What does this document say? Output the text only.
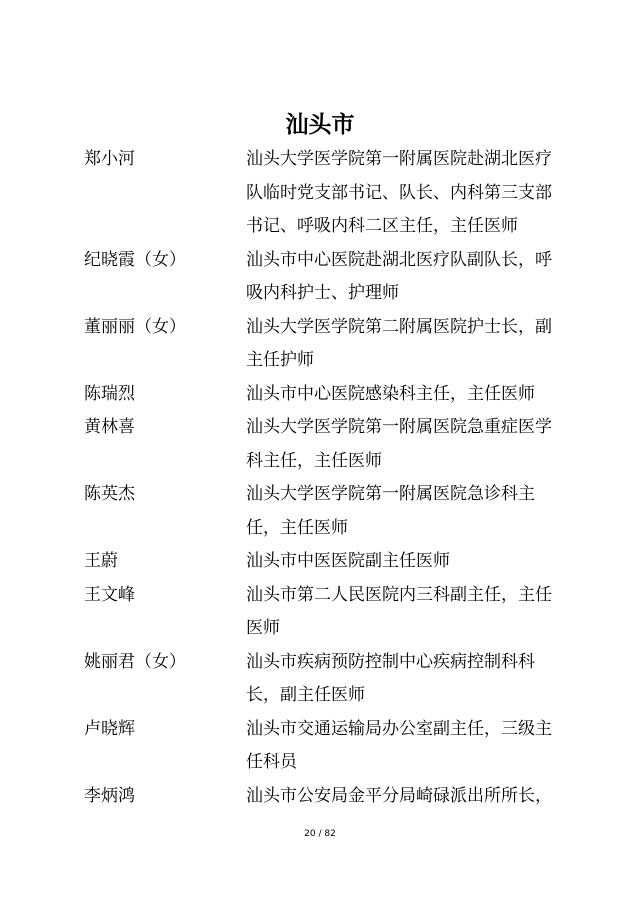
汕头市
郑小河	汕头大学医学院第一附属医院赴湖北医疗队临时党支部书记、队长、内科第三支部书记、呼吸内科二区主任，主任医师
纪晓霞（女）	汕头市中心医院赴湖北医疗队副队长，呼吸内科护士、护理师
董丽丽（女）	汕头大学医学院第二附属医院护士长，副主任护师
陈瑞烈	汕头市中心医院感染科主任，主任医师
黄林喜	汕头大学医学院第一附属医院急重症医学科主任，主任医师
陈英杰	汕头大学医学院第一附属医院急诊科主任，主任医师
王蔚	汕头市中医医院副主任医师
王文峰	汕头市第二人民医院内三科副主任，主任医师
姚丽君（女）	汕头市疾病预防控制中心疾病控制科科长，副主任医师
卢晓辉	汕头市交通运输局办公室副主任，三级主任科员
李炳鸿	汕头市公安局金平分局崎碌派出所所长，
20 / 82
